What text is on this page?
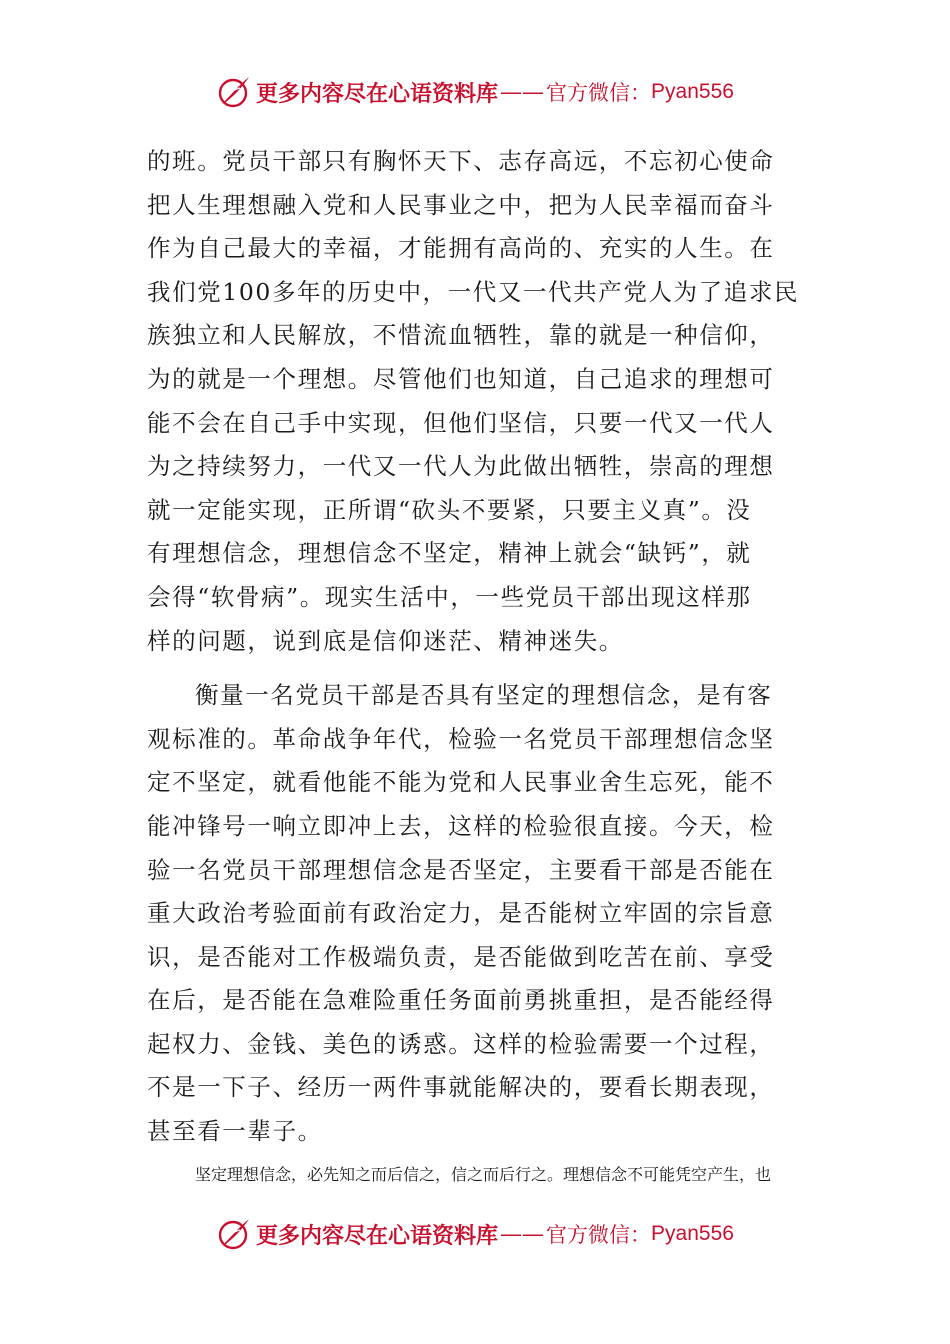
更多内容尽在心语资料库 —— 官方微信： Pyan556
的班。党员干部只有胸怀天下、志存高远，不忘初心使命
把人生理想融入党和人民事业之中，把为人民幸福而奋斗
作为自己最大的幸福，才能拥有高尚的、充实的人生。在
我们党100多年的历史中，一代又一代共产党人为了追求民
族独立和人民解放，不惜流血牺牲，靠的就是一种信仰，
为的就是一个理想。尽管他们也知道，自己追求的理想可
能不会在自己手中实现，但他们坚信，只要一代又一代人
为之持续努力，一代又一代人为此做出牺牲，崇高的理想
就一定能实现，正所谓“砍头不要紧，只要主义真”。没
有理想信念，理想信念不坚定，精神上就会“缺钙”，就
会得“软骨病”。现实生活中，一些党员干部出现这样那
样的问题，说到底是信仰迷茫、精神迷失。
衡量一名党员干部是否具有坚定的理想信念，是有客
观标准的。革命战争年代，检验一名党员干部理想信念坚
定不坚定，就看他能不能为党和人民事业舍生忘死，能不
能冲锋号一响立即冲上去，这样的检验很直接。今天，检
验一名党员干部理想信念是否坚定，主要看干部是否能在
重大政治考验面前有政治定力，是否能树立牢固的宗旨意
识，是否能对工作极端负责，是否能做到吃苦在前、享受
在后，是否能在急难险重任务面前勇挑重担，是否能经得
起权力、金钱、美色的诱惑。这样的检验需要一个过程，
不是一下子、经历一两件事就能解决的，要看长期表现，
甚至看一辈子。
坚定理想信念，必先知之而后信之，信之而后行之。理想信念不可能凭空产生，也
更多内容尽在心语资料库 —— 官方微信： Pyan556
